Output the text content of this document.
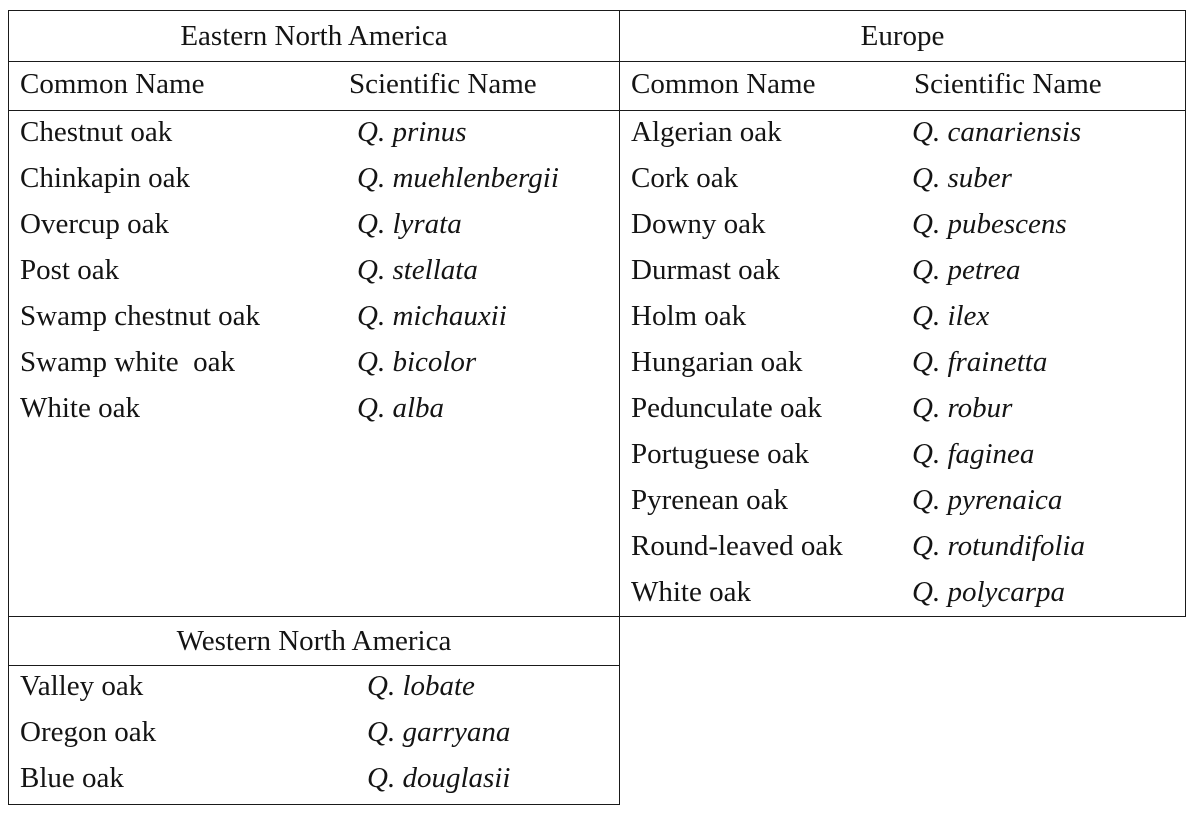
Eastern North America
Common Name	Scientific Name
Chestnut oak	Q. prinus
Chinkapin oak	Q. muehlenbergii
Overcup oak	Q. lyrata
Post oak	Q. stellata
Swamp chestnut oak	Q. michauxii
Swamp white  oak	Q. bicolor
White oak	Q. alba
Europe
Common Name	Scientific Name
Algerian oak	Q. canariensis
Cork oak	Q. suber
Downy oak	Q. pubescens
Durmast oak	Q. petrea
Holm oak	Q. ilex
Hungarian oak	Q. frainetta
Pedunculate oak	Q. robur
Portuguese oak	Q. faginea
Pyrenean oak	Q. pyrenaica
Round-leaved oak Q. rotundifolia
White oak	Q. polycarpa
Western North America
Valley oak	Q. lobate
Oregon oak	Q. garryana
Blue oak	Q. douglasii
